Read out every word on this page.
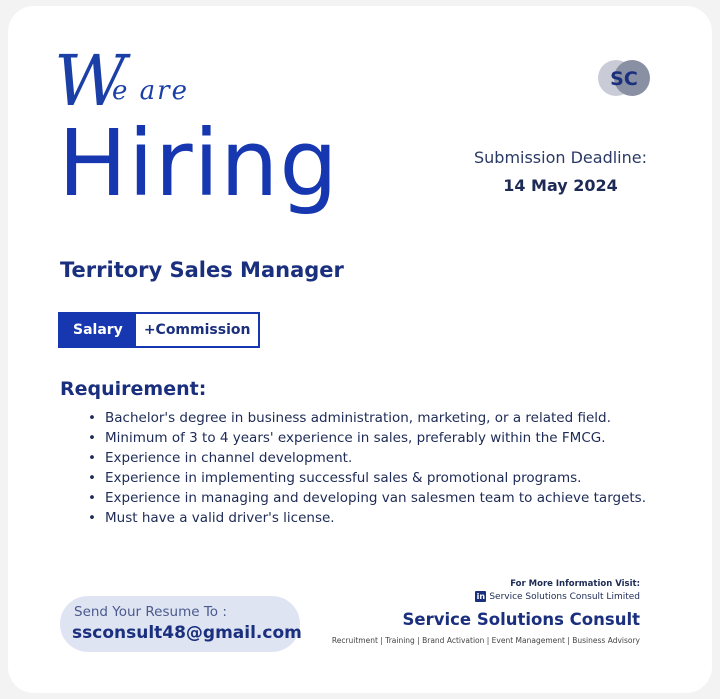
W
e are
Hiring
SC
Submission Deadline:
14 May 2024
Territory Sales Manager
Salary	+Commission
Requirement:
• Bachelor's degree in business administration, marketing, or a related field.
• Minimum of 3 to 4 years' experience in sales, preferably within the FMCG.
• Experience in channel development.
• Experience in implementing successful sales & promotional programs.
• Experience in managing and developing van salesmen team to achieve targets.
• Must have a valid driver's license.
Send Your Resume To :
ssconsult48@gmail.com
For More Information Visit:
in Service Solutions Consult Limited
Service Solutions Consult
Recruitment | Training | Brand Activation | Event Management | Business Advisory
